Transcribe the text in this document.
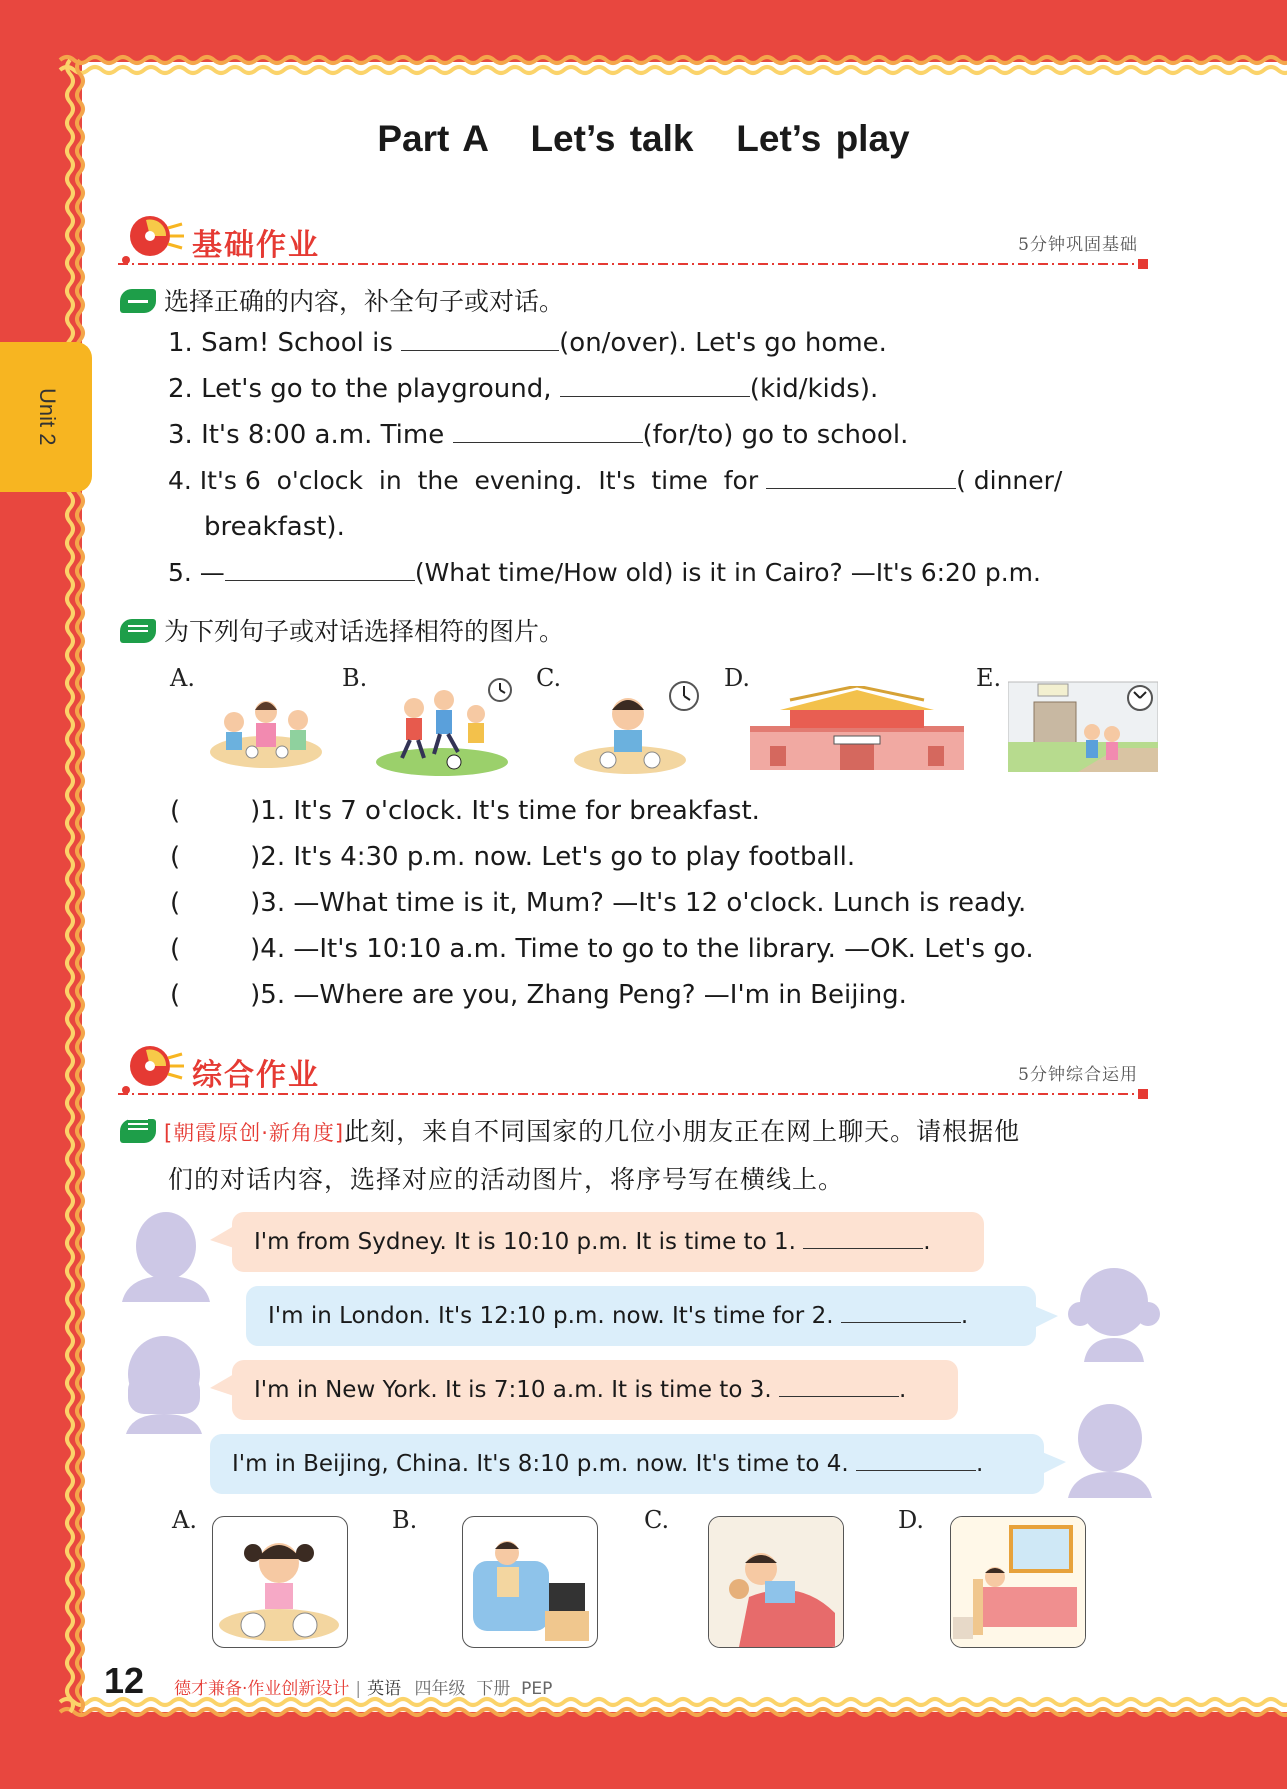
Unit 2
Part A   Let’s talk   Let’s play
基础作业	5分钟巩固基础
选择正确的内容，补全句子或对话。
1. Sam! School is	(on/over). Let's go home.
2. Let's go to the playground,	(kid/kids).
3. It's 8:00 a.m. Time	(for/to) go to school.
4. It's 6  o'clock  in  the  evening.  It's  time  for	( dinner/
breakfast).
5. —	(What time/How old) is it in Cairo? —It's 6:20 p.m.
为下列句子或对话选择相符的图片。
A.	B.	C.	D.	E.
(	)1. It's 7 o'clock. It's time for breakfast.
(	)2. It's 4:30 p.m. now. Let's go to play football.
(	)3. —What time is it, Mum? —It's 12 o'clock. Lunch is ready.
(	)4. —It's 10:10 a.m. Time to go to the library. —OK. Let's go.
(	)5. —Where are you, Zhang Peng? —I'm in Beijing.
综合作业	5分钟综合运用
[朝霞原创·新角度]此刻，来自不同国家的几位小朋友正在网上聊天。请根据他
们的对话内容，选择对应的活动图片，将序号写在横线上。
I'm from Sydney. It is 10:10 p.m. It is time to 1.	.
I'm in London. It's 12:10 p.m. now. It's time for 2.	.
I'm in New York. It is 7:10 a.m. It is time to 3.	.
I'm in Beijing, China. It's 8:10 p.m. now. It's time to 4.	.
A.	B.	C.	D.
12 德才兼备·作业创新设计 | 英语 四年级  下册  PEP
